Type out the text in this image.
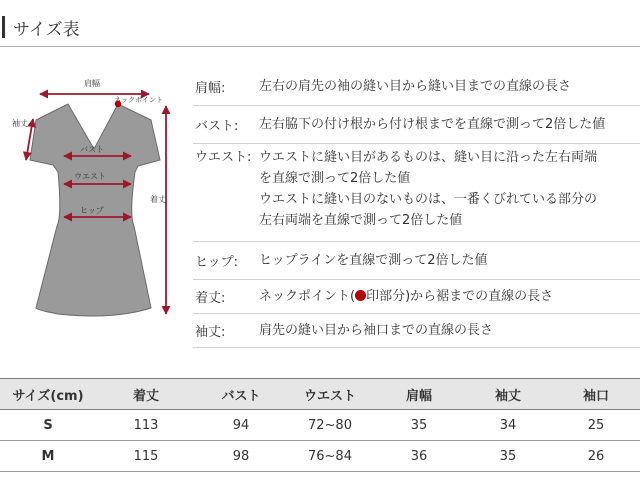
サイズ表
肩幅
ネックポイント
袖丈
バスト
ウエスト
ヒップ
着丈
肩幅:	左右の肩先の袖の縫い目から縫い目までの直線の長さ
バスト:	左右脇下の付け根から付け根までを直線で測って2倍した値
ウエスト: ウエストに縫い目があるものは、縫い目に沿った左右両端
を直線で測って2倍した値
ウエストに縫い目のないものは、一番くびれている部分の
左右両端を直線で測って2倍した値
ヒップ:	ヒップラインを直線で測って2倍した値
着丈:	ネックポイント( 印部分)から裾までの直線の長さ
袖丈:	肩先の縫い目から袖口までの直線の長さ
サイズ(cm)	着丈	バスト	ウエスト	肩幅	袖丈	袖口
S	113	94	72~80	35	34	25
M	115	98	76~84	36	35	26
